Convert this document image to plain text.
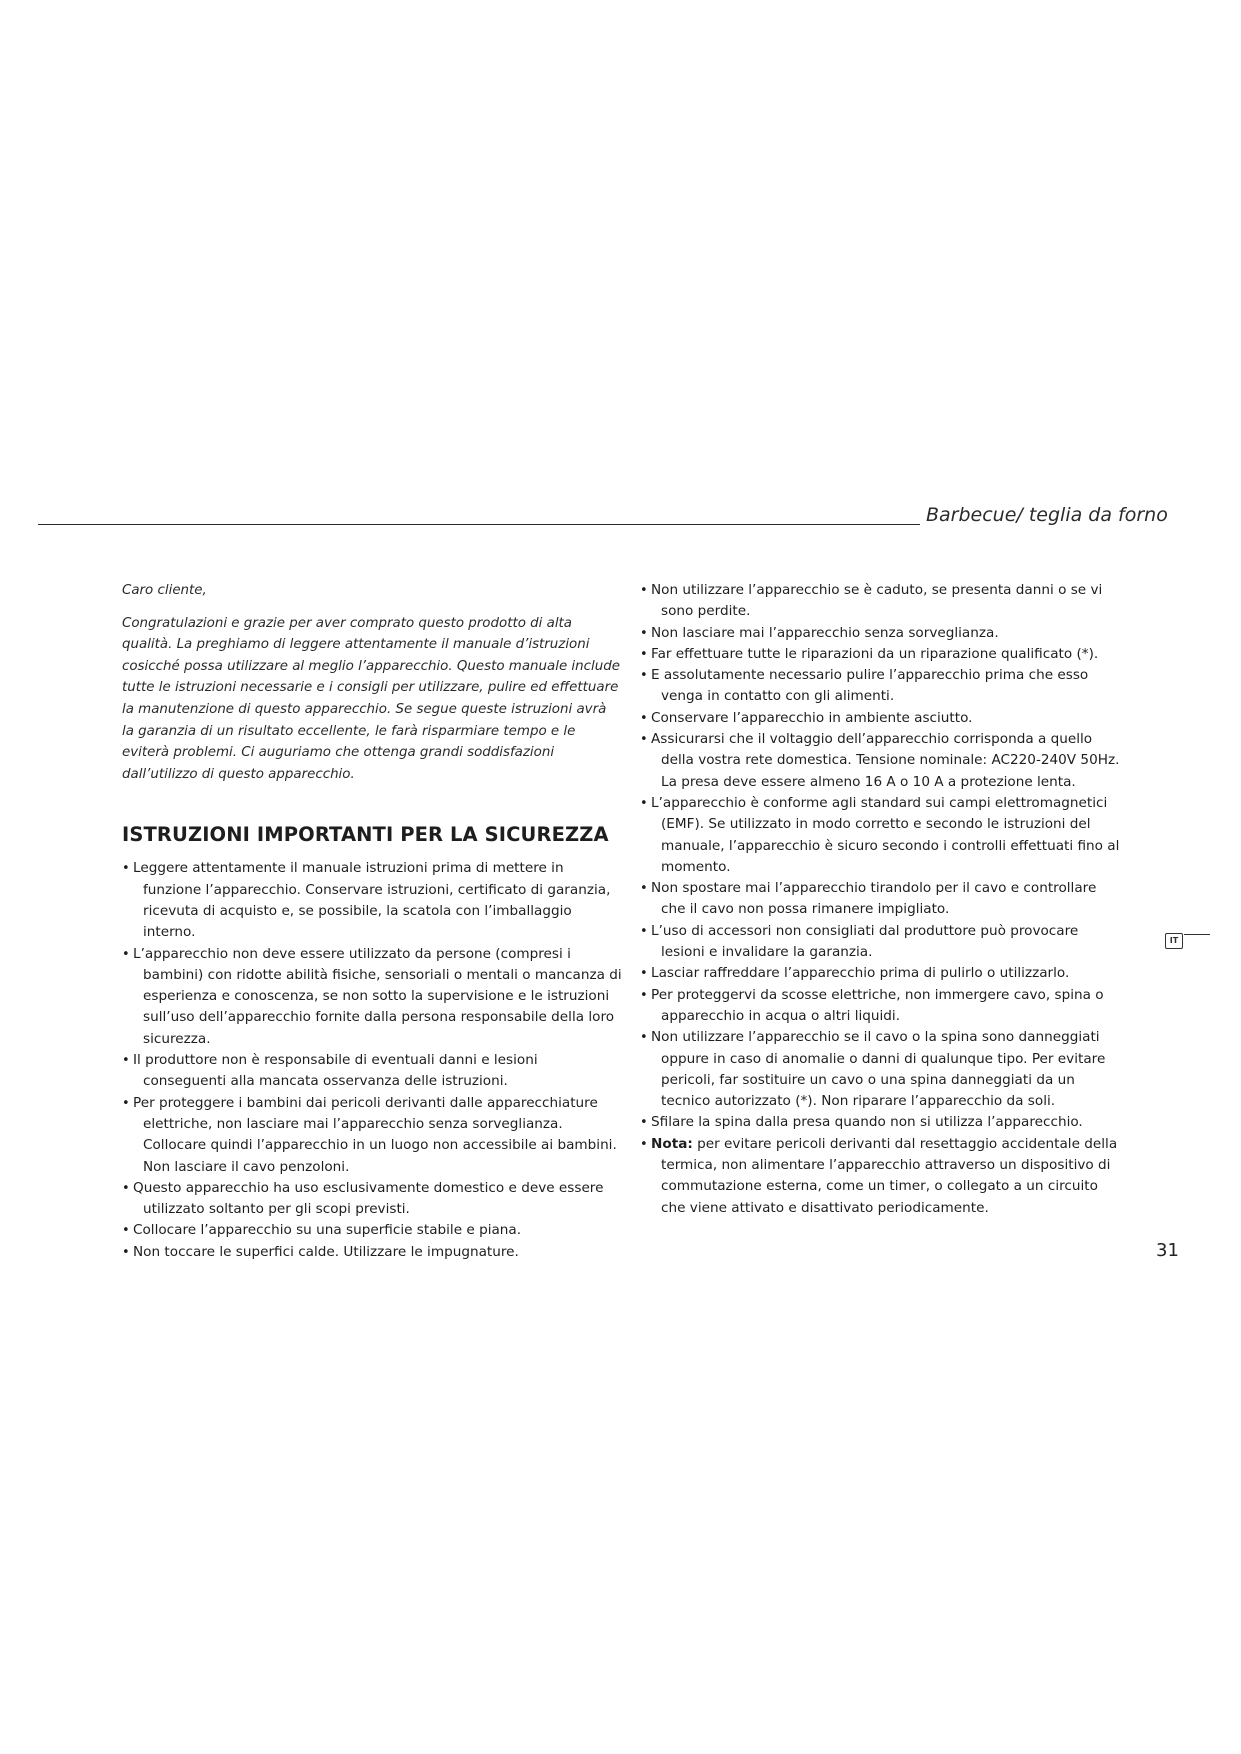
Barbecue/ teglia da forno

Caro cliente,

Congratulazioni e grazie per aver comprato questo prodotto di alta qualità. La preghiamo di leggere attentamente il manuale d’istruzioni cosicché possa utilizzare al meglio l’apparecchio. Questo manuale include tutte le istruzioni necessarie e i consigli per utilizzare, pulire ed effettuare la manutenzione di questo apparecchio. Se segue queste istruzioni avrà la garanzia di un risultato eccellente, le farà risparmiare tempo e le eviterà problemi. Ci auguriamo che ottenga grandi soddisfazioni dall’utilizzo di questo apparecchio.

ISTRUZIONI IMPORTANTI PER LA SICUREZZA
• Leggere attentamente il manuale istruzioni prima di mettere in funzione l’apparecchio. Conservare istruzioni, certificato di garanzia, ricevuta di acquisto e, se possibile, la scatola con l’imballaggio interno.
• L’apparecchio non deve essere utilizzato da persone (compresi i bambini) con ridotte abilità fisiche, sensoriali o mentali o mancanza di esperienza e conoscenza, se non sotto la supervisione e le istruzioni sull’uso dell’apparecchio fornite dalla persona responsabile della loro sicurezza.
• Il produttore non è responsabile di eventuali danni e lesioni conseguenti alla mancata osservanza delle istruzioni.
• Per proteggere i bambini dai pericoli derivanti dalle apparecchiature elettriche, non lasciare mai l’apparecchio senza sorveglianza. Collocare quindi l’apparecchio in un luogo non accessibile ai bambini. Non lasciare il cavo penzoloni.
• Questo apparecchio ha uso esclusivamente domestico e deve essere utilizzato soltanto per gli scopi previsti.
• Collocare l’apparecchio su una superficie stabile e piana.
• Non toccare le superfici calde. Utilizzare le impugnature.
• Non utilizzare l’apparecchio se è caduto, se presenta danni o se vi sono perdite.
• Non lasciare mai l’apparecchio senza sorveglianza.
• Far effettuare tutte le riparazioni da un riparazione qualificato (*).
• E assolutamente necessario pulire l’apparecchio prima che esso venga in contatto con gli alimenti.
• Conservare l’apparecchio in ambiente asciutto.
• Assicurarsi che il voltaggio dell’apparecchio corrisponda a quello della vostra rete domestica. Tensione nominale: AC220-240V 50Hz. La presa deve essere almeno 16 A o 10 A a protezione lenta.
• L’apparecchio è conforme agli standard sui campi elettromagnetici (EMF). Se utilizzato in modo corretto e secondo le istruzioni del manuale, l’apparecchio è sicuro secondo i controlli effettuati fino al momento.
• Non spostare mai l’apparecchio tirandolo per il cavo e controllare che il cavo non possa rimanere impigliato.
• L’uso di accessori non consigliati dal produttore può provocare lesioni e invalidare la garanzia.
• Lasciar raffreddare l’apparecchio prima di pulirlo o utilizzarlo.
• Per proteggervi da scosse elettriche, non immergere cavo, spina o apparecchio in acqua o altri liquidi.
• Non utilizzare l’apparecchio se il cavo o la spina sono danneggiati oppure in caso di anomalie o danni di qualunque tipo. Per evitare pericoli, far sostituire un cavo o una spina danneggiati da un tecnico autorizzato (*). Non riparare l’apparecchio da soli.
• Sfilare la spina dalla presa quando non si utilizza l’apparecchio.
• Nota: per evitare pericoli derivanti dal resettaggio accidentale della termica, non alimentare l’apparecchio attraverso un dispositivo di commutazione esterna, come un timer, o collegato a un circuito che viene attivato e disattivato periodicamente.
IT
31
